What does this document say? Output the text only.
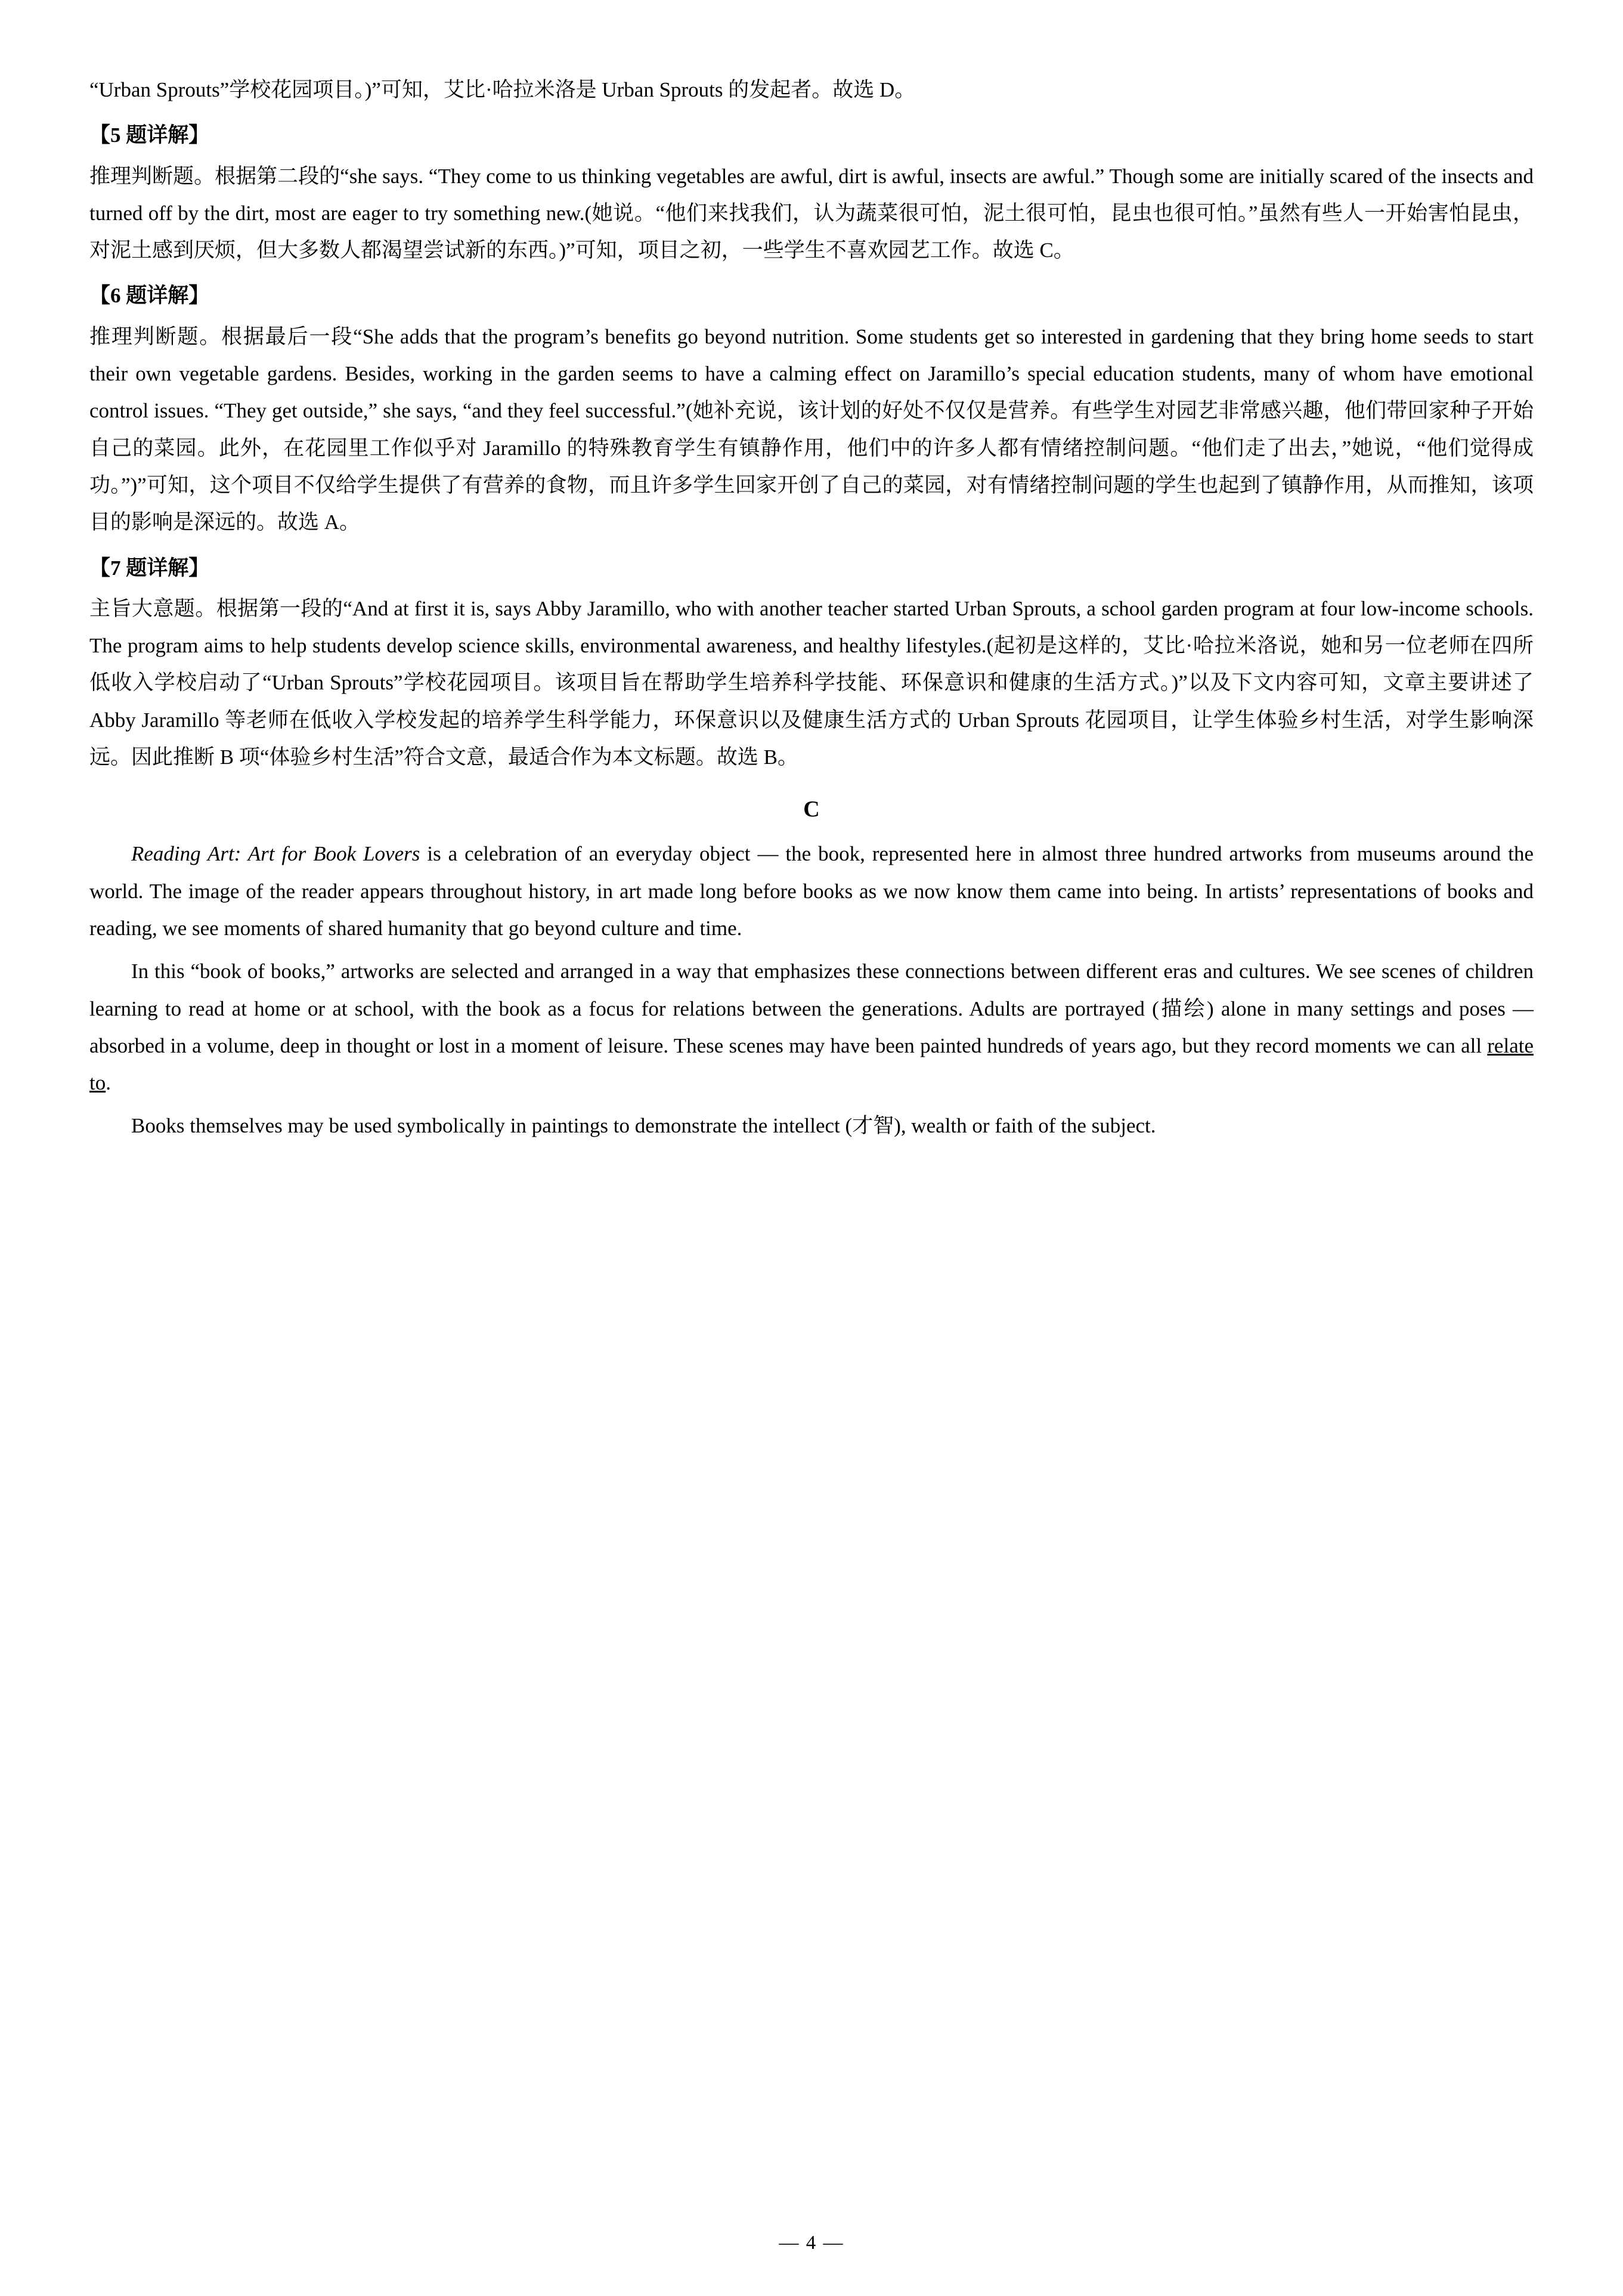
“Urban Sprouts”学校花园项目。)”可知，艾比·哈拉米洛是 Urban Sprouts 的发起者。故选 D。

【5 题详解】

推理判断题。根据第二段的“she says. “They come to us thinking vegetables are awful, dirt is awful, insects are awful.” Though some are initially scared of the insects and turned off by the dirt, most are eager to try something new.(她说。“他们来找我们，认为蔬菜很可怕，泥土很可怕，昆虫也很可怕。”虽然有些人一开始害怕昆虫，对泥土感到厌烦，但大多数人都渴望尝试新的东西。)”可知，项目之初，一些学生不喜欢园艺工作。故选 C。

【6 题详解】

推理判断题。根据最后一段“She adds that the program’s benefits go beyond nutrition. Some students get so interested in gardening that they bring home seeds to start their own vegetable gardens. Besides, working in the garden seems to have a calming effect on Jaramillo’s special education students, many of whom have emotional control issues. “They get outside,” she says, “and they feel successful.”(她补充说，该计划的好处不仅仅是营养。有些学生对园艺非常感兴趣，他们带回家种子开始自己的菜园。此外，在花园里工作似乎对 Jaramillo 的特殊教育学生有镇静作用，他们中的许多人都有情绪控制问题。“他们走了出去，”她说，“他们觉得成功。”)”可知，这个项目不仅给学生提供了有营养的食物，而且许多学生回家开创了自己的菜园，对有情绪控制问题的学生也起到了镇静作用，从而推知，该项目的影响是深远的。故选 A。

【7 题详解】

主旨大意题。根据第一段的“And at first it is, says Abby Jaramillo, who with another teacher started Urban Sprouts, a school garden program at four low-income schools. The program aims to help students develop science skills, environmental awareness, and healthy lifestyles.(起初是这样的，艾比·哈拉米洛说，她和另一位老师在四所低收入学校启动了“Urban Sprouts”学校花园项目。该项目旨在帮助学生培养科学技能、环保意识和健康的生活方式。)”以及下文内容可知，文章主要讲述了 Abby Jaramillo 等老师在低收入学校发起的培养学生科学能力，环保意识以及健康生活方式的 Urban Sprouts 花园项目，让学生体验乡村生活，对学生影响深远。因此推断 B 项“体验乡村生活”符合文意，最适合作为本文标题。故选 B。

C

Reading Art: Art for Book Lovers is a celebration of an everyday object — the book, represented here in almost three hundred artworks from museums around the world. The image of the reader appears throughout history, in art made long before books as we now know them came into being. In artists’ representations of books and reading, we see moments of shared humanity that go beyond culture and time.

In this “book of books,” artworks are selected and arranged in a way that emphasizes these connections between different eras and cultures. We see scenes of children learning to read at home or at school, with the book as a focus for relations between the generations. Adults are portrayed (描绘) alone in many settings and poses —absorbed in a volume, deep in thought or lost in a moment of leisure. These scenes may have been painted hundreds of years ago, but they record moments we can all relate to.

Books themselves may be used symbolically in paintings to demonstrate the intellect (才智), wealth or faith of the subject.

— 4 —
